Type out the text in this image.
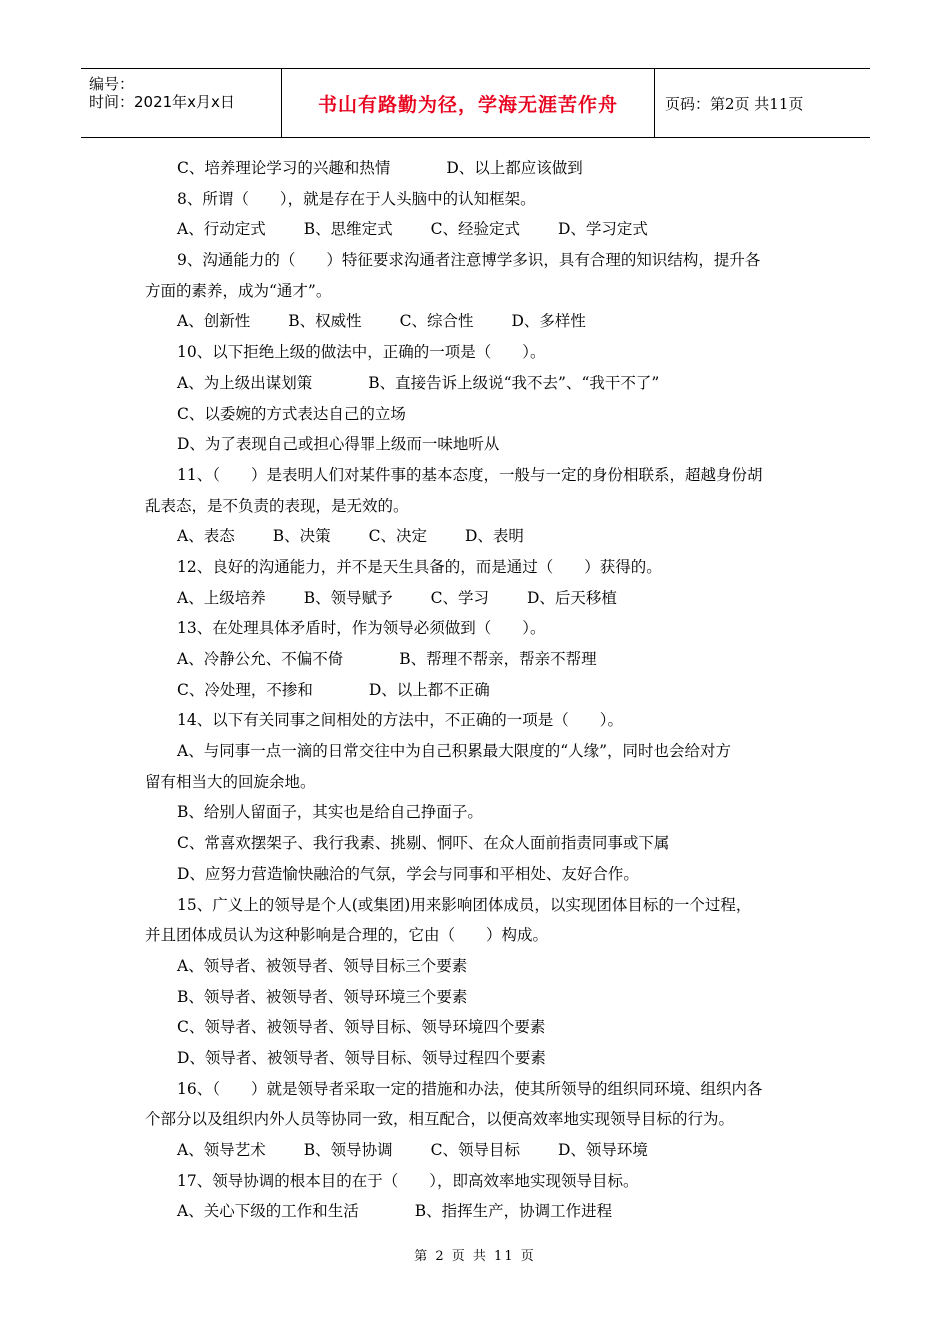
编号：
时间：2021年x月x日	书山有路勤为径，学海无涯苦作舟	页码：第2页 共11页
C、培养理论学习的兴趣和热情	D、以上都应该做到
8、所谓（　　），就是存在于人头脑中的认知框架。
A、行动定式 B、思维定式 C、经验定式 D、学习定式
9、沟通能力的（　　）特征要求沟通者注意博学多识，具有合理的知识结构，提升各
方面的素养，成为“通才”。
A、创新性 B、权威性 C、综合性 D、多样性
10、以下拒绝上级的做法中，正确的一项是（　　）。
A、为上级出谋划策	B、直接告诉上级说“我不去”、“我干不了”
C、以委婉的方式表达自己的立场
D、为了表现自己或担心得罪上级而一味地听从
11、（　　）是表明人们对某件事的基本态度，一般与一定的身份相联系，超越身份胡
乱表态，是不负责的表现，是无效的。
A、表态 B、决策 C、决定 D、表明
12、良好的沟通能力，并不是天生具备的，而是通过（　　）获得的。
A、上级培养 B、领导赋予 C、学习 D、后天移植
13、在处理具体矛盾时，作为领导必须做到（　　）。
A、冷静公允、不偏不倚	B、帮理不帮亲，帮亲不帮理
C、冷处理，不掺和	D、以上都不正确
14、以下有关同事之间相处的方法中，不正确的一项是（　　）。
A、与同事一点一滴的日常交往中为自己积累最大限度的“人缘”，同时也会给对方
留有相当大的回旋余地。
B、给别人留面子，其实也是给自己挣面子。
C、常喜欢摆架子、我行我素、挑剔、恫吓、在众人面前指责同事或下属
D、应努力营造愉快融洽的气氛，学会与同事和平相处、友好合作。
15、广义上的领导是个人(或集团)用来影响团体成员，以实现团体目标的一个过程，
并且团体成员认为这种影响是合理的，它由（　　）构成。
A、领导者、被领导者、领导目标三个要素
B、领导者、被领导者、领导环境三个要素
C、领导者、被领导者、领导目标、领导环境四个要素
D、领导者、被领导者、领导目标、领导过程四个要素
16、（　　）就是领导者采取一定的措施和办法，使其所领导的组织同环境、组织内各
个部分以及组织内外人员等协同一致，相互配合，以便高效率地实现领导目标的行为。
A、领导艺术 B、领导协调 C、领导目标 D、领导环境
17、领导协调的根本目的在于（　　），即高效率地实现领导目标。
A、关心下级的工作和生活	B、指挥生产，协调工作进程
第 2 页 共 11 页
